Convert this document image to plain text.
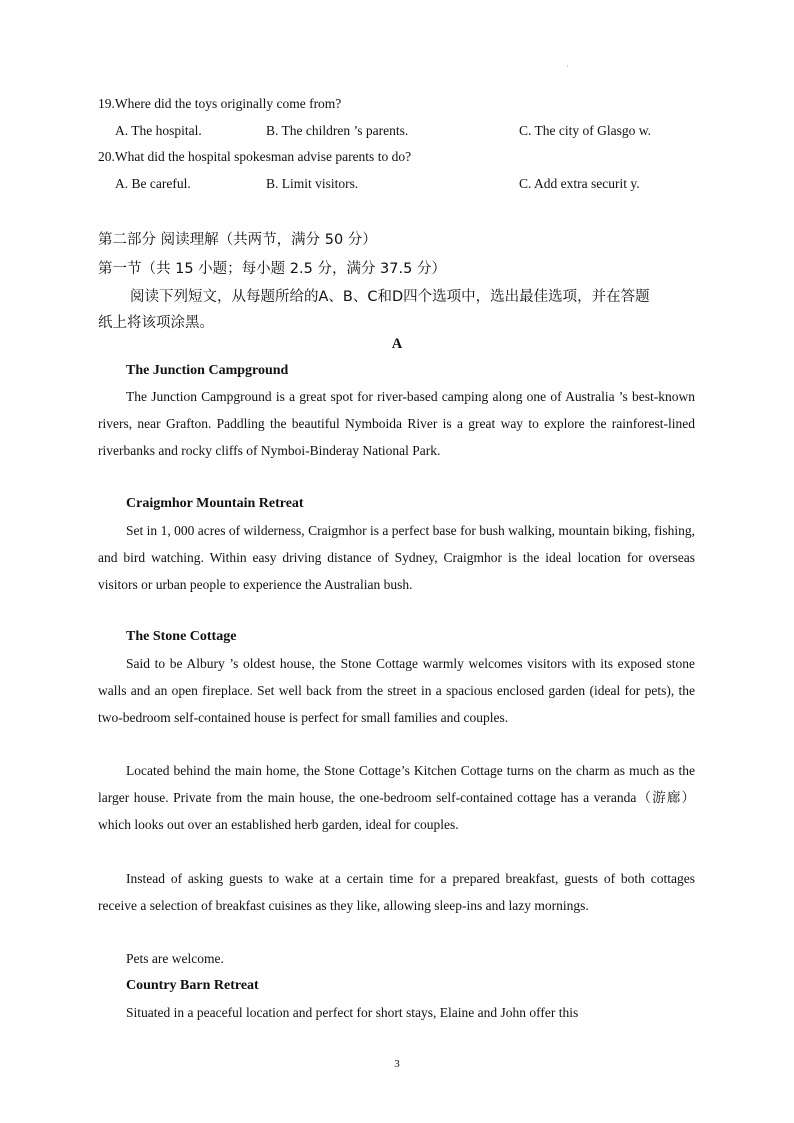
·
19.Where did the toys originally come from?
A. The hospital.	B. The children ’s parents.	C. The city of Glasgo w.
20.What did the hospital spokesman advise parents to do?
A. Be careful.	B. Limit visitors.	C. Add extra securit y.
第二部分 阅读理解（共两节，满分 50 分）
第一节（共 15 小题；每小题 2.5 分，满分 37.5 分）
阅读下列短文，从每题所给的A、B、C和D四个选项中，选出最佳选项，并在答题
纸上将该项涂黑。
A
The Junction Campground
The Junction Campground is a great spot for river-based camping along one of Australia ’s best-known rivers, near Grafton. Paddling the beautiful Nymboida River is a great way to explore the rainforest-lined riverbanks and rocky cliffs of Nymboi-Binderay National Park.
Craigmhor Mountain Retreat
Set in 1, 000 acres of wilderness, Craigmhor is a perfect base for bush walking, mountain biking, fishing, and bird watching. Within easy driving distance of Sydney, Craigmhor is the ideal location for overseas visitors or urban people to experience the Australian bush.
The Stone Cottage
Said to be Albury ’s oldest house, the Stone Cottage warmly welcomes visitors with its exposed stone walls and an open fireplace. Set well back from the street in a spacious enclosed garden (ideal for pets), the two-bedroom self-contained house is perfect for small families and couples.
Located behind the main home, the Stone Cottage’s Kitchen Cottage turns on the charm as much as the larger house. Private from the main house, the one-bedroom self-contained cottage has a veranda（游廊）which looks out over an established herb garden, ideal for couples.
Instead of asking guests to wake at a certain time for a prepared breakfast, guests of both cottages receive a selection of breakfast cuisines as they like, allowing sleep-ins and lazy mornings.
Pets are welcome.
Country Barn Retreat
Situated in a peaceful location and perfect for short stays, Elaine and John offer this
3
